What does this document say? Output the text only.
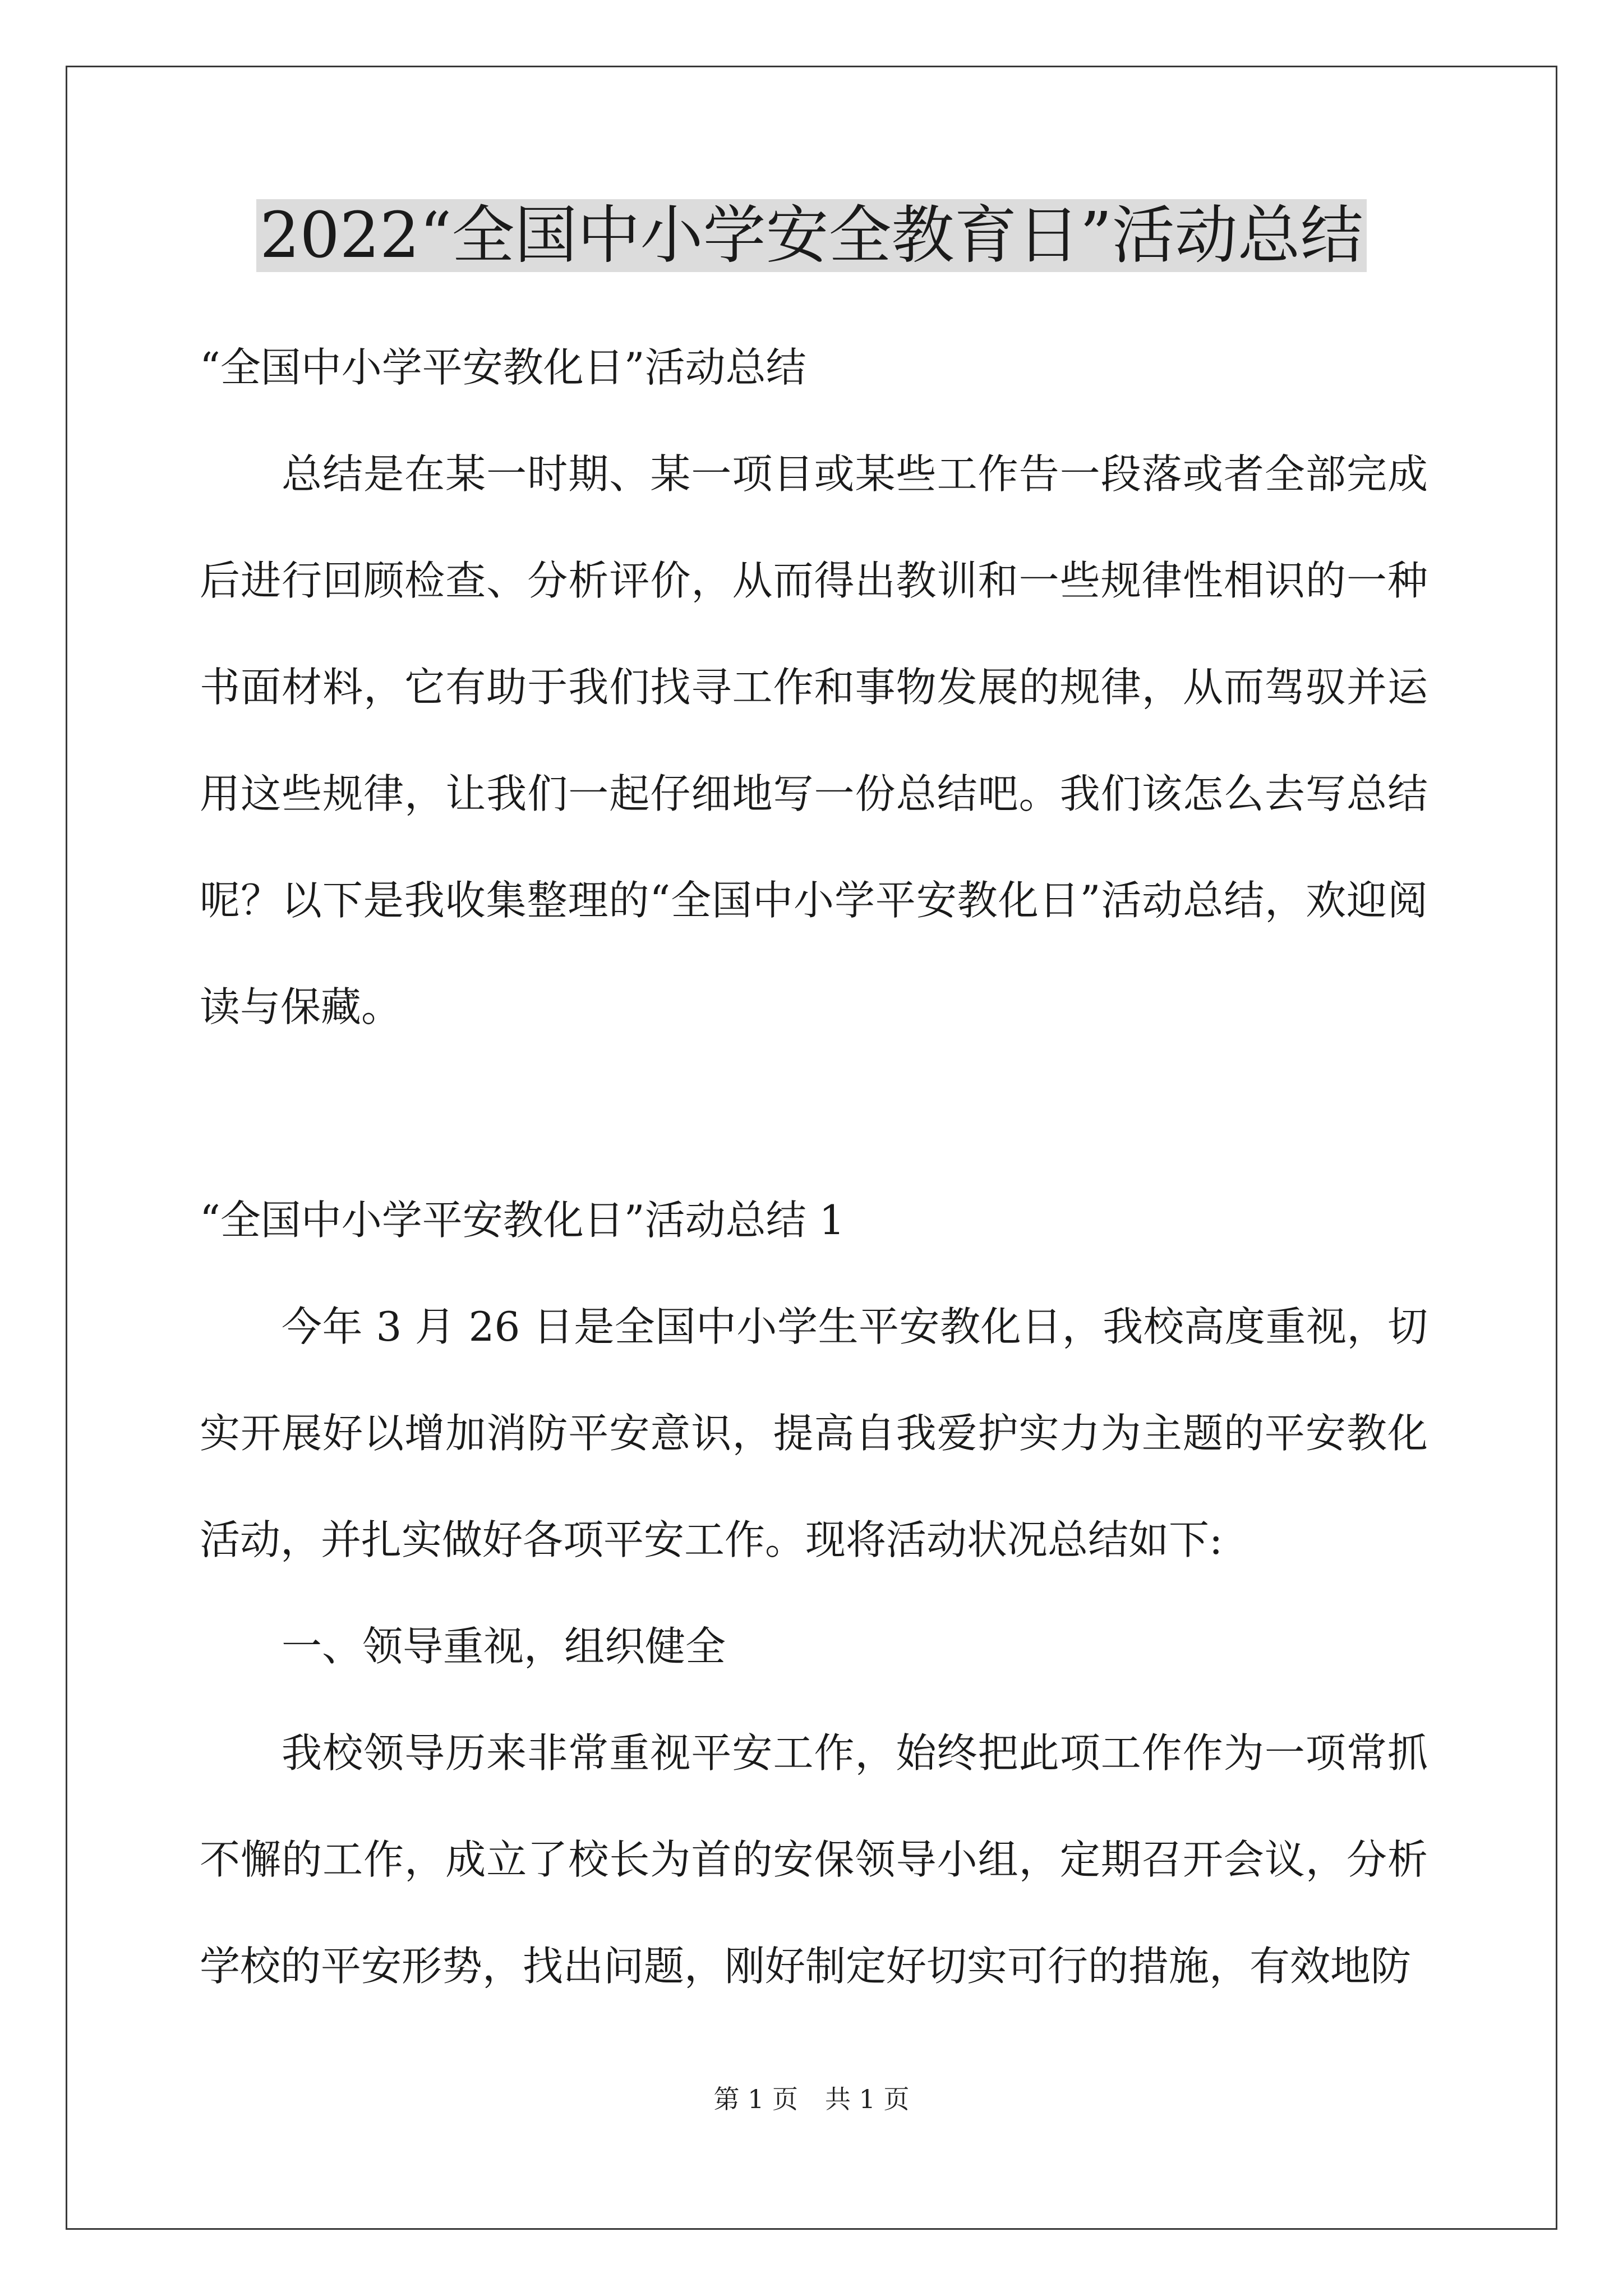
2022“全国中小学安全教育日”活动总结

“全国中小学平安教化日”活动总结

总结是在某一时期、某一项目或某些工作告一段落或者全部完成后进行回顾检查、分析评价，从而得出教训和一些规律性相识的一种书面材料，它有助于我们找寻工作和事物发展的规律，从而驾驭并运用这些规律，让我们一起仔细地写一份总结吧。我们该怎么去写总结呢？以下是我收集整理的“全国中小学平安教化日”活动总结，欢迎阅读与保藏。

“全国中小学平安教化日”活动总结 1

今年 3 月 26 日是全国中小学生平安教化日，我校高度重视，切实开展好以增加消防平安意识，提高自我爱护实力为主题的平安教化活动，并扎实做好各项平安工作。现将活动状况总结如下:

一、领导重视，组织健全

我校领导历来非常重视平安工作，始终把此项工作作为一项常抓不懈的工作，成立了校长为首的安保领导小组，定期召开会议，分析学校的平安形势，找出问题，刚好制定好切实可行的措施，有效地防

第 1 页 共 1 页
